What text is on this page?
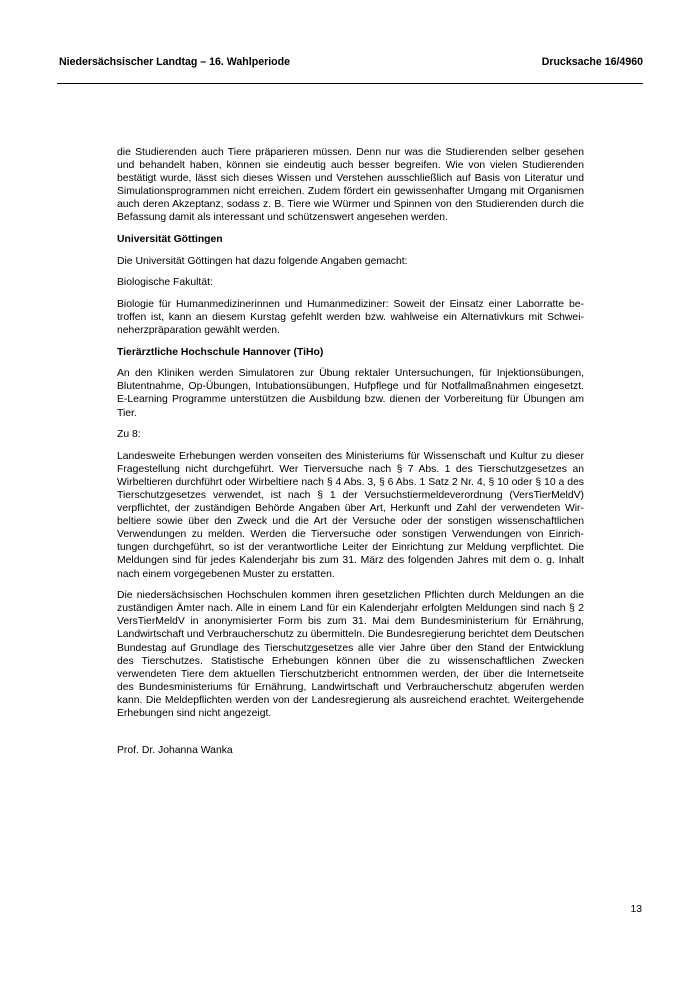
Niedersächsischer Landtag – 16. Wahlperiode	Drucksache 16/4960

die Studierenden auch Tiere präparieren müssen. Denn nur was die Studierenden selber gesehen und behandelt haben, können sie eindeutig auch besser begreifen. Wie von vielen Studierenden bestätigt wurde, lässt sich dieses Wissen und Verstehen ausschließlich auf Basis von Literatur und Simulationsprogrammen nicht erreichen. Zudem fördert ein gewissenhafter Umgang mit Organismen auch deren Akzeptanz, sodass z. B. Tiere wie Würmer und Spinnen von den Studierenden durch die Befassung damit als interessant und schützenswert angesehen werden.

Universität Göttingen

Die Universität Göttingen hat dazu folgende Angaben gemacht:

Biologische Fakultät:

Biologie für Humanmedizinerinnen und Humanmediziner: Soweit der Einsatz einer Laborratte betroffen ist, kann an diesem Kurstag gefehlt werden bzw. wahlweise ein Alternativkurs mit Schweineherzpräparation gewählt werden.

Tierärztliche Hochschule Hannover (TiHo)

An den Kliniken werden Simulatoren zur Übung rektaler Untersuchungen, für Injektionsübungen, Blutentnahme, Op-Übungen, Intubationsübungen, Hufpflege und für Notfallmaßnahmen eingesetzt. E-Learning Programme unterstützen die Ausbildung bzw. dienen der Vorbereitung für Übungen am Tier.

Zu 8:

Landesweite Erhebungen werden vonseiten des Ministeriums für Wissenschaft und Kultur zu dieser Fragestellung nicht durchgeführt. Wer Tierversuche nach § 7 Abs. 1 des Tierschutzgesetzes an Wirbeltieren durchführt oder Wirbeltiere nach § 4 Abs. 3, § 6 Abs. 1 Satz 2 Nr. 4, § 10 oder § 10 a des Tierschutzgesetzes verwendet, ist nach § 1 der Versuchstiermeldeverordnung (VersTierMeldV) verpflichtet, der zuständigen Behörde Angaben über Art, Herkunft und Zahl der verwendeten Wirbeltiere sowie über den Zweck und die Art der Versuche oder der sonstigen wissenschaftlichen Verwendungen zu melden. Werden die Tierversuche oder sonstigen Verwendungen von Einrichtungen durchgeführt, so ist der verantwortliche Leiter der Einrichtung zur Meldung verpflichtet. Die Meldungen sind für jedes Kalenderjahr bis zum 31. März des folgenden Jahres mit dem o. g. Inhalt nach einem vorgegebenen Muster zu erstatten.

Die niedersächsischen Hochschulen kommen ihren gesetzlichen Pflichten durch Meldungen an die zuständigen Ämter nach. Alle in einem Land für ein Kalenderjahr erfolgten Meldungen sind nach § 2 VersTierMeldV in anonymisierter Form bis zum 31. Mai dem Bundesministerium für Ernährung, Landwirtschaft und Verbraucherschutz zu übermitteln. Die Bundesregierung berichtet dem Deutschen Bundestag auf Grundlage des Tierschutzgesetzes alle vier Jahre über den Stand der Entwicklung des Tierschutzes. Statistische Erhebungen können über die zu wissenschaftlichen Zwecken verwendeten Tiere dem aktuellen Tierschutzbericht entnommen werden, der über die Internetseite des Bundesministeriums für Ernährung, Landwirtschaft und Verbraucherschutz abgerufen werden kann. Die Meldepflichten werden von der Landesregierung als ausreichend erachtet. Weitergehende Erhebungen sind nicht angezeigt.

Prof. Dr. Johanna Wanka

13
